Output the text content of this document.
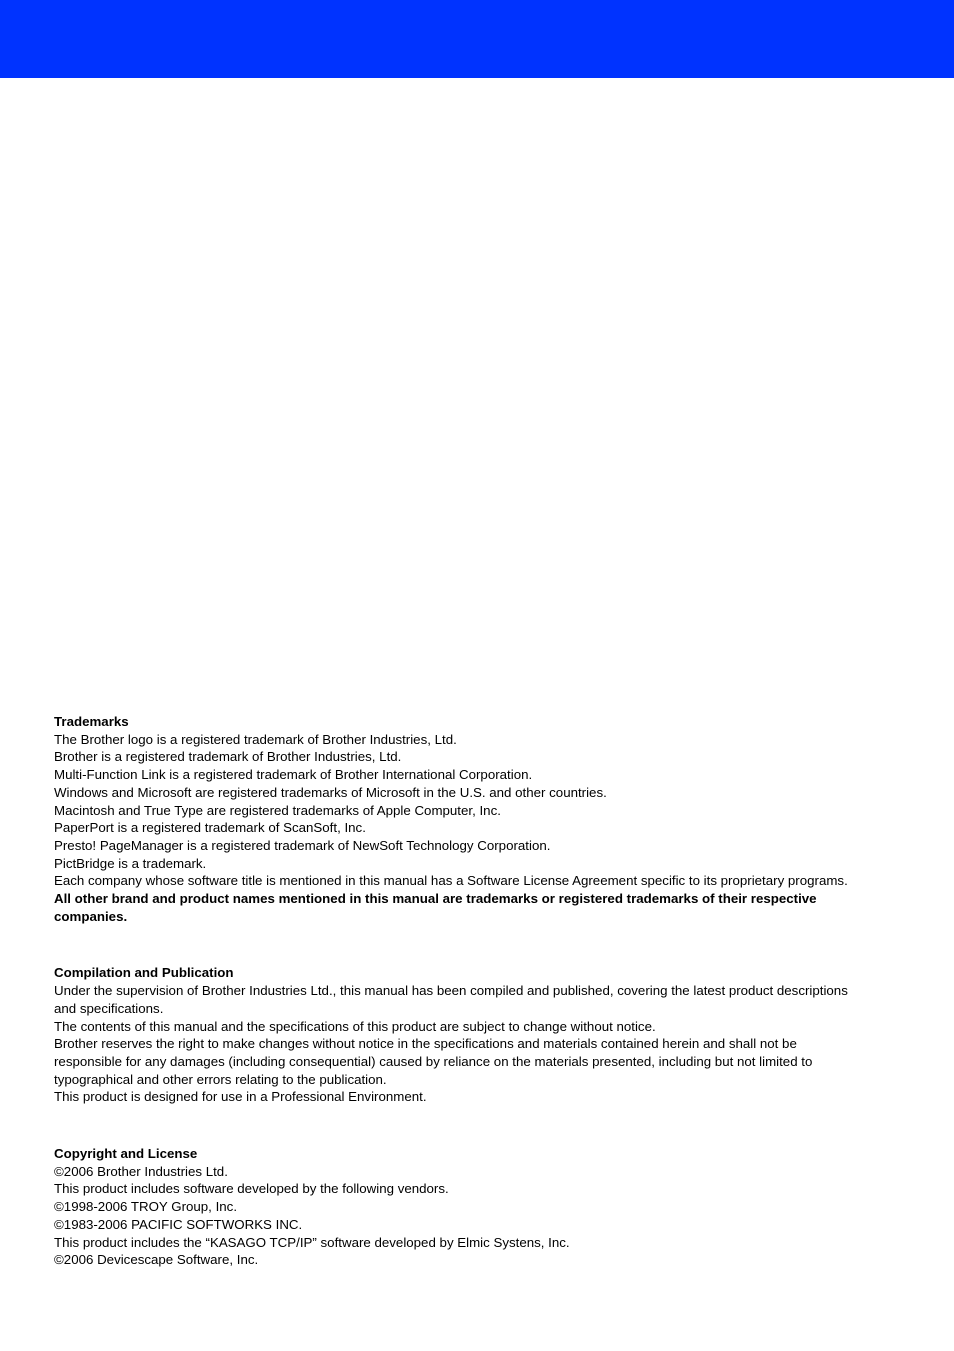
Trademarks

The Brother logo is a registered trademark of Brother Industries, Ltd.

Brother is a registered trademark of Brother Industries, Ltd.

Multi-Function Link is a registered trademark of Brother International Corporation.

Windows and Microsoft are registered trademarks of Microsoft in the U.S. and other countries.

Macintosh and True Type are registered trademarks of Apple Computer, Inc.

PaperPort is a registered trademark of ScanSoft, Inc.

Presto! PageManager is a registered trademark of NewSoft Technology Corporation.

PictBridge is a trademark.

Each company whose software title is mentioned in this manual has a Software License Agreement specific to its proprietary programs.

All other brand and product names mentioned in this manual are trademarks or registered trademarks of their respective companies.

Compilation and Publication

Under the supervision of Brother Industries Ltd., this manual has been compiled and published, covering the latest product descriptions and specifications.

The contents of this manual and the specifications of this product are subject to change without notice.

Brother reserves the right to make changes without notice in the specifications and materials contained herein and shall not be responsible for any damages (including consequential) caused by reliance on the materials presented, including but not limited to typographical and other errors relating to the publication.

This product is designed for use in a Professional Environment.

Copyright and License

©2006 Brother Industries Ltd.

This product includes software developed by the following vendors.

©1998-2006 TROY Group, Inc.

©1983-2006 PACIFIC SOFTWORKS INC.

This product includes the “KASAGO TCP/IP” software developed by Elmic Systens, Inc.

©2006 Devicescape Software, Inc.
